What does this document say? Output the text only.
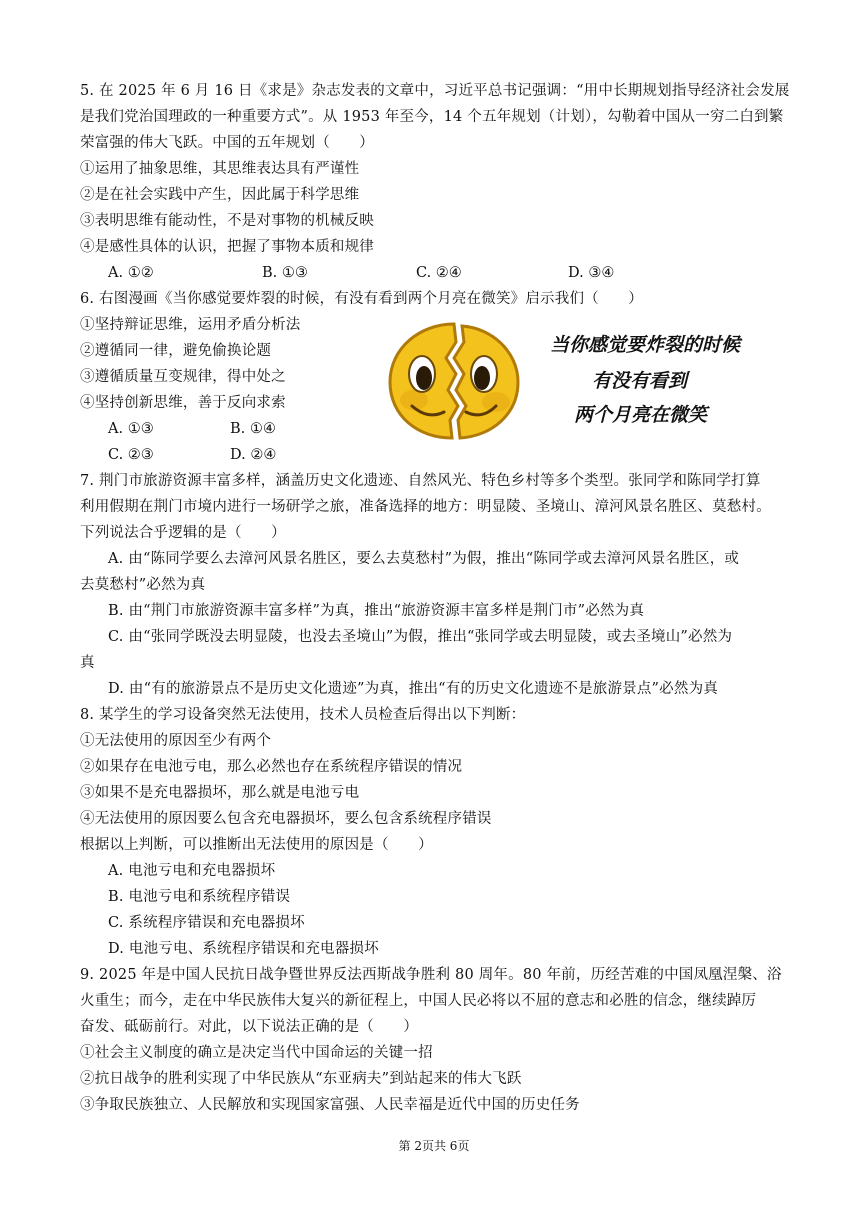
5. 在 2025 年 6 月 16 日《求是》杂志发表的文章中，习近平总书记强调：“用中长期规划指导经济社会发展
是我们党治国理政的一种重要方式”。从 1953 年至今，14 个五年规划（计划），勾勒着中国从一穷二白到繁
荣富强的伟大飞跃。中国的五年规划（　　）
①运用了抽象思维，其思维表达具有严谨性
②是在社会实践中产生，因此属于科学思维
③表明思维有能动性，不是对事物的机械反映
④是感性具体的认识，把握了事物本质和规律
A. ①②	B. ①③	C. ②④	D. ③④
6. 右图漫画《当你感觉要炸裂的时候，有没有看到两个月亮在微笑》启示我们（　　）
①坚持辩证思维，运用矛盾分析法
②遵循同一律，避免偷换论题
③遵循质量互变规律，得中处之
④坚持创新思维，善于反向求索
A. ①③	B. ①④
C. ②③	D. ②④
当你感觉要炸裂的时候
有没有看到
两个月亮在微笑
7. 荆门市旅游资源丰富多样，涵盖历史文化遗迹、自然风光、特色乡村等多个类型。张同学和陈同学打算
利用假期在荆门市境内进行一场研学之旅，准备选择的地方：明显陵、圣境山、漳河风景名胜区、莫愁村。
下列说法合乎逻辑的是（　　）
A. 由“陈同学要么去漳河风景名胜区，要么去莫愁村”为假，推出“陈同学或去漳河风景名胜区，或
去莫愁村”必然为真
B. 由“荆门市旅游资源丰富多样”为真，推出“旅游资源丰富多样是荆门市”必然为真
C. 由“张同学既没去明显陵，也没去圣境山”为假，推出“张同学或去明显陵，或去圣境山”必然为
真
D. 由“有的旅游景点不是历史文化遗迹”为真，推出“有的历史文化遗迹不是旅游景点”必然为真
8. 某学生的学习设备突然无法使用，技术人员检查后得出以下判断：
①无法使用的原因至少有两个
②如果存在电池亏电，那么必然也存在系统程序错误的情况
③如果不是充电器损坏，那么就是电池亏电
④无法使用的原因要么包含充电器损坏，要么包含系统程序错误
根据以上判断，可以推断出无法使用的原因是（　　）
A. 电池亏电和充电器损坏
B. 电池亏电和系统程序错误
C. 系统程序错误和充电器损坏
D. 电池亏电、系统程序错误和充电器损坏
9. 2025 年是中国人民抗日战争暨世界反法西斯战争胜利 80 周年。80 年前，历经苦难的中国凤凰涅槃、浴
火重生；而今，走在中华民族伟大复兴的新征程上，中国人民必将以不屈的意志和必胜的信念，继续踔厉
奋发、砥砺前行。对此，以下说法正确的是（　　）
①社会主义制度的确立是决定当代中国命运的关键一招
②抗日战争的胜利实现了中华民族从“东亚病夫”到站起来的伟大飞跃
③争取民族独立、人民解放和实现国家富强、人民幸福是近代中国的历史任务
第 2页共 6页
